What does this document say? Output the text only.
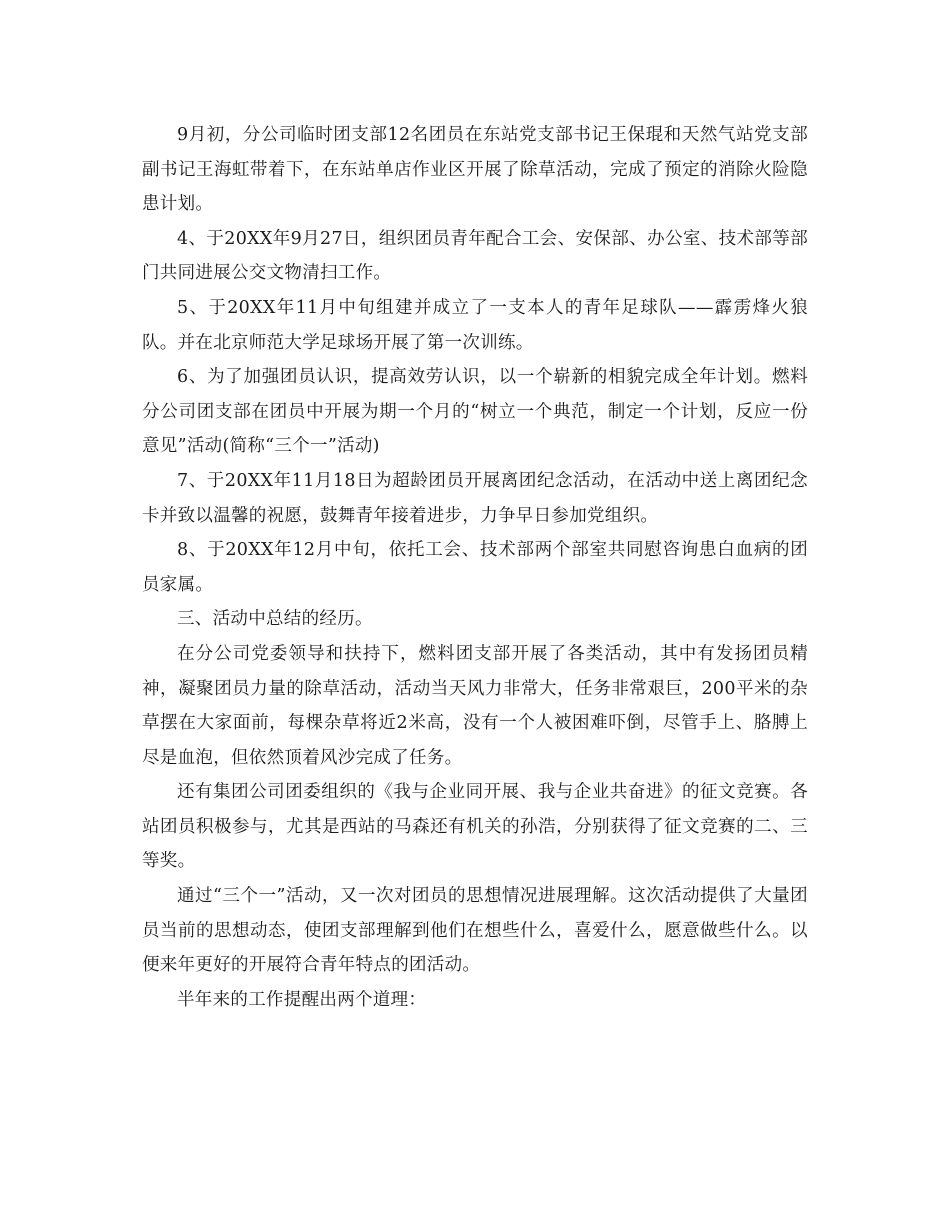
9月初，分公司临时团支部12名团员在东站党支部书记王保琨和天然气站党支部副书记王海虹带着下，在东站单店作业区开展了除草活动，完成了预定的消除火险隐患计划。

4、于20XX年9月27日，组织团员青年配合工会、安保部、办公室、技术部等部门共同进展公交文物清扫工作。

5、于20XX年11月中旬组建并成立了一支本人的青年足球队——霹雳烽火狼队。并在北京师范大学足球场开展了第一次训练。

6、为了加强团员认识，提高效劳认识，以一个崭新的相貌完成全年计划。燃料分公司团支部在团员中开展为期一个月的“树立一个典范，制定一个计划，反应一份意见”活动(简称“三个一”活动)

7、于20XX年11月18日为超龄团员开展离团纪念活动，在活动中送上离团纪念卡并致以温馨的祝愿，鼓舞青年接着进步，力争早日参加党组织。

8、于20XX年12月中旬，依托工会、技术部两个部室共同慰咨询患白血病的团员家属。

三、活动中总结的经历。

在分公司党委领导和扶持下，燃料团支部开展了各类活动，其中有发扬团员精神，凝聚团员力量的除草活动，活动当天风力非常大，任务非常艰巨，200平米的杂草摆在大家面前，每棵杂草将近2米高，没有一个人被困难吓倒，尽管手上、胳膊上尽是血泡，但依然顶着风沙完成了任务。

还有集团公司团委组织的《我与企业同开展、我与企业共奋进》的征文竞赛。各站团员积极参与，尤其是西站的马森还有机关的孙浩，分别获得了征文竞赛的二、三等奖。

通过“三个一”活动，又一次对团员的思想情况进展理解。这次活动提供了大量团员当前的思想动态，使团支部理解到他们在想些什么，喜爱什么，愿意做些什么。以便来年更好的开展符合青年特点的团活动。

半年来的工作提醒出两个道理：
